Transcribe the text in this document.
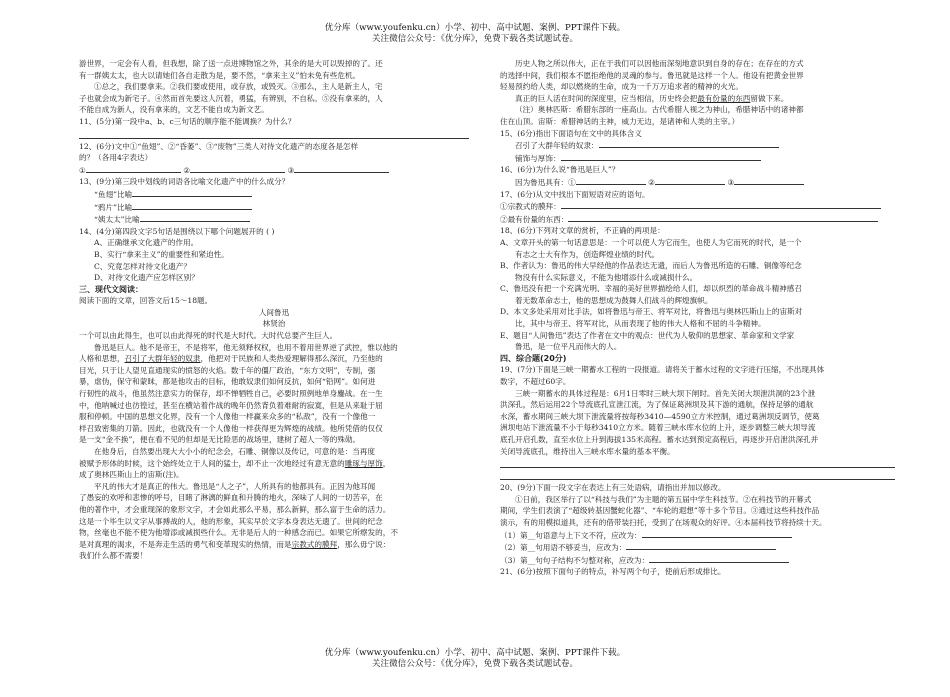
优分库（www.youfenku.cn）小学、初中、高中试题、案例、PPT课件下载。
关注微信公众号：《优分库》，免费下载各类试题试卷。

游世界，一定会有人看，但我想，除了送一点进博物馆之外，其余的是大可以毁掉的了。还

有一群姨太太，也大以请她们各自走散为是，要不然，“拿来主义”怕未免有些危机。

①总之，我们要拿来。②我们要或使用，或存放，或毁灭。③那么，主人是新主人，宅

子也就会成为新宅子。④然而首先要这人沉着，勇猛，有辨别，不自私。⑤没有拿来的，人

不能自成为新人，没有拿来的，文艺不能自成为新文艺。

11、(5分)第一段中a、b、c三句话的顺序能不能调换？为什么？

12、(6分)文中①“鱼翅”、②“昏萎”、③“废物”三类人对待文化遗产的态度各是怎样

的？（各用4字表达）

①	②	③

13、(9分)第三段中划线的词语各比喻文化遗产中的什么成分？

“鱼翅”比喻

“鸦片”比喻

“姨太太”比喻

14、(4分)第四段文字5句话是围绕以下哪个问题展开的 ( )

A、正确继承文化遗产的作用。

B、实行“拿来主义”的重要性和紧迫性。

C、究竟怎样对待文化遗产？

D、对待文化遗产应怎样区别？

三、现代文阅读：

阅读下面的文章，回答文后15～18题。

人间鲁迅

林贤治

一个可以由此得生，也可以由此得死的时代是大时代。大时代总要产生巨人。

鲁迅是巨人。他不是帝王，不是将军，他无须释权权，也用不着用世界逆了武控，惟以他的

人格和思想，召引了大群年轻的奴隶，他把对于民族和人类热爱理解得那么深沉，乃至他的

目光，只于让人望见直通现实的愤怒的火焰。数千年的僵厂政治，“东方文明”，专制，强

暴，虐伪，保守和蒙昧，都是他攻击的目标，他敢奴隶们如何反抗，如何“铅网”。如何进

行韧性的战斗，他虽然注意实力的保存，却不惮牺牲自己，必要时照例地单身鏖战。在一生

中，他呐喊过也彷徨过，甚至在横站着作战的晚年仍然背负着难耐的寂寞，但是从来耻于屈

服和停顿。中国的思想文化界，没有一个人像他一样赢来众多的“私敌”，没有一个像他一

样召致密集的刀箭。因此，也就没有一个人像他一样获得更为辉煌的战绩。他所凭借的仅仅

是一支“金不换”，便在看不见的但却是无比险恶的战场里，建树了超人一等的殊勋。

在他身后，自然要出现大大小小的纪念会，石雕、铜像以及传记，可意的是：当再度

被赋予形体的时候，这个始终处立于人间的猛士，却不止一次地经过有意无意的雕琢与厚饰，

成了奥林匹斯山上的宙斯(注)。

平凡的伟大才是真正的伟大。鲁迅是“人之子”，人所具有的他都具有。正因为他耳闻

了愚妄的欢呼和悲惨的呼号，目睹了淋漓的鲜血和升腾的地火，深味了人间的一切苦辛，在

他的著作中，才会重现深的象形文字，才会如此那么平易，那么新鲜，那么富于生命的活力。

这是一个毕生以文字从事搏战的人，他的形象，其实早於文字本身表达无遗了。世间的纪念

物，丝毫也不能不使为他增添或减损些什么。无非是后人的一种感念而已。如果它所瘵发的，不

是对真理的渴求，不是奔走生活的勇气和变革现实的热情，而是宗教式的膜拜，那么毋宁说：

我们什么都不需要！

历史人物之所以伟大，正在于我们可以因他而深刻地意识到自身的存在；在存在的方式

的选择中间，我们根本不愿拒绝他的灵魂的参与。鲁迅就是这样一个人。他设有把黄金世界

轻易预约给人类，却以燃烧的生命，成为一千万万追求者的精神的火光。

真正的巨人活在时间的深度里，应当相信，历史终会把最有份量的东西留做下来。

（注）奥林匹斯：希腊东部的一座高山。古代希腊人视之为神山，希腊神话中的诸神都

住在山顶。宙斯：希腊神话的主神，威力无边，是诸神和人类的主宰。）

15、(6分)指出下面语句在文中的具体含义

召引了大群年轻的奴隶：

铺饰与厚饰：

16、(6分)为什么说“鲁迅是巨人”？

因为鲁迅具有：①	②	③

17、(6分)从文中找出下面短语对应的语句。

①宗教式的膜拜：

②最有份量的东西：

18、(6分)下列对文章的赏析，不正确的两项是：

A、文章开头的第一句话意思是：一个可以使人为它而生，也使人为它而死的时代，是一个

有志之士大有作为，创造辉煌业绩的时代。

B、作者认为：鲁迅的伟大早经他的作品表达无遗，而后人为鲁迅所造的石雕、铜像等纪念

物没有什么实际意义，不能为他增添什么或减损什么。

C、鲁迅没有把一个充满光明、幸福的美好世界描绘给人们，却以炽烈的革命战斗精神感召

着无数革命志士，他的思想成为鼓舞人们战斗的辉煌旗帜。

D、本文多处采用对比手法，如将鲁迅与帝王、将军对比，将鲁迅与奥林匹斯山上的宙斯对

比，其中与帝王、将军对比，从而表现了他的伟大人格和不屈的斗争精神。

E、题目“人间鲁迅”表达了作者在文中的观点：世代为人敬仰的思想家、革命家和文学家

鲁迅，是一位平凡而伟大的人。

四、综合题(20分)

19、(7分)下面是三峡一期蓄水工程的一段报道。请将关于蓄水过程的文字进行压缩，不出现具体

数字，不超过60字。

三峡一期蓄水的具体过程是：6月1日零时三峡大坝下闸时。首先关闭大坝泄洪洞的23个泄

洪深孔，然后运用22个导流底孔宣泄江流，为了保证葛洲坝及其下游的通航，保持足够的通航

水深，蓄水期间三峡大坝下泄流量将按每秒3410—4590立方米控制，通过葛洲坝反调节，使葛

洲坝电站下泄流量不小于每秒3410立方米。随着三峡水库水位的上升，逐步调整三峡大坝导流

底孔开启孔数，直至水位上升到海拔135米高程。蓄水达到预定高程后，再逐步开启泄洪深孔并

关闭导流底孔，维持出入三峡水库水量的基本平衡。

20、(9分)下面一段文字在表达上有三处语病，请指出并加以修改。

①日前，我区举行了以“科技与我们”为主题的第五届中学生科技节。②在科技节的开幕式

期间，学生们表演了“超级转基因蟹蛇化器”、“车轮的遐想”等十多个节目。③通过这些科技作品

演示，有的用模拟道具，还有的借带装扫托，受到了在场观众的好评。④本届科技节将持续十天。

（1）第__句语意与上下文不符，应改为：

（2）第__句用语不够妥当，应改为：

（3）第__句句子结构不匀整对称，应改为：

21、(6分)按照下面句子的特点，补写两个句子，使前后形成排比。

优分库（www.youfenku.cn）小学、初中、高中试题、案例、PPT课件下载。
关注微信公众号：《优分库》，免费下载各类试题试卷。
